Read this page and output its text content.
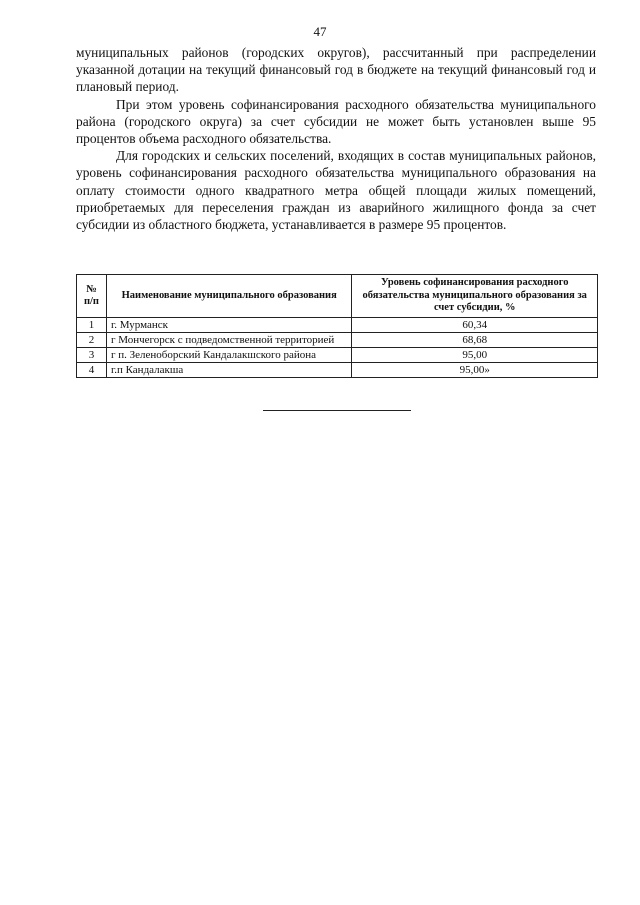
47

муниципальных районов (городских округов), рассчитанный при распределении указанной дотации на текущий финансовый год в бюджете на текущий финансовый год и плановый период.

При этом уровень софинансирования расходного обязательства муниципального района (городского округа) за счет субсидии не может быть установлен выше 95 процентов объема расходного обязательства.

Для городских и сельских поселений, входящих в состав муниципальных районов, уровень софинансирования расходного обязательства муниципального образования на оплату стоимости одного квадратного метра общей площади жилых помещений, приобретаемых для переселения граждан из аварийного жилищного фонда за счет субсидии из областного бюджета, устанавливается в размере 95 процентов.

№ п/п	Наименование муниципального образования	Уровень софинансирования расходного обязательства муниципального образования за счет субсидии, %
1	г. Мурманск	60,34
2	г Мончегорск с подведомственной территорией	68,68
3	г п. Зеленоборский Кандалакшского района	95,00
4	г.п Кандалакша	95,00»
